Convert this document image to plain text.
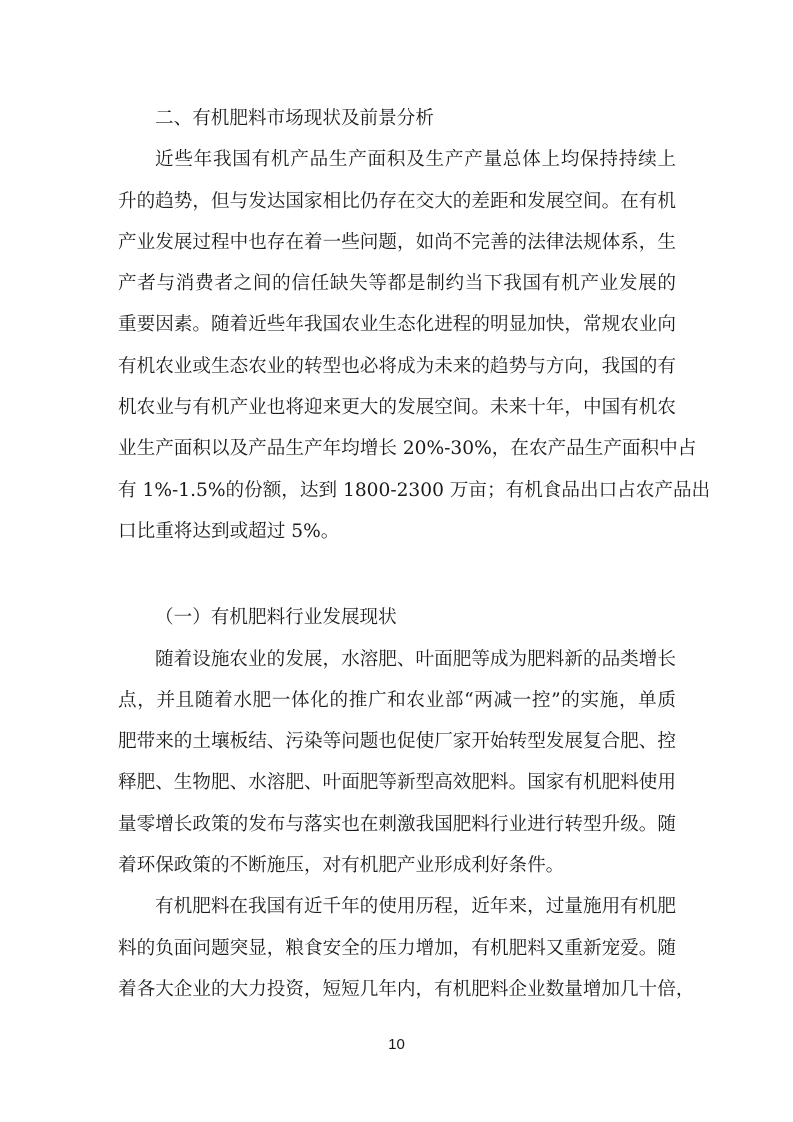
二、有机肥料市场现状及前景分析
近些年我国有机产品生产面积及生产产量总体上均保持持续上
升的趋势，但与发达国家相比仍存在交大的差距和发展空间。在有机
产业发展过程中也存在着一些问题，如尚不完善的法律法规体系，生
产者与消费者之间的信任缺失等都是制约当下我国有机产业发展的
重要因素。随着近些年我国农业生态化进程的明显加快，常规农业向
有机农业或生态农业的转型也必将成为未来的趋势与方向，我国的有
机农业与有机产业也将迎来更大的发展空间。未来十年，中国有机农
业生产面积以及产品生产年均增长 20%-30%，在农产品生产面积中占
有 1%-1.5%的份额，达到 1800-2300 万亩；有机食品出口占农产品出
口比重将达到或超过 5%。
（一）有机肥料行业发展现状
随着设施农业的发展，水溶肥、叶面肥等成为肥料新的品类增长
点，并且随着水肥一体化的推广和农业部“两减一控”的实施，单质
肥带来的土壤板结、污染等问题也促使厂家开始转型发展复合肥、控
释肥、生物肥、水溶肥、叶面肥等新型高效肥料。国家有机肥料使用
量零增长政策的发布与落实也在刺激我国肥料行业进行转型升级。随
着环保政策的不断施压，对有机肥产业形成利好条件。
有机肥料在我国有近千年的使用历程，近年来，过量施用有机肥
料的负面问题突显，粮食安全的压力增加，有机肥料又重新宠爱。随
着各大企业的大力投资，短短几年内，有机肥料企业数量增加几十倍，
10
